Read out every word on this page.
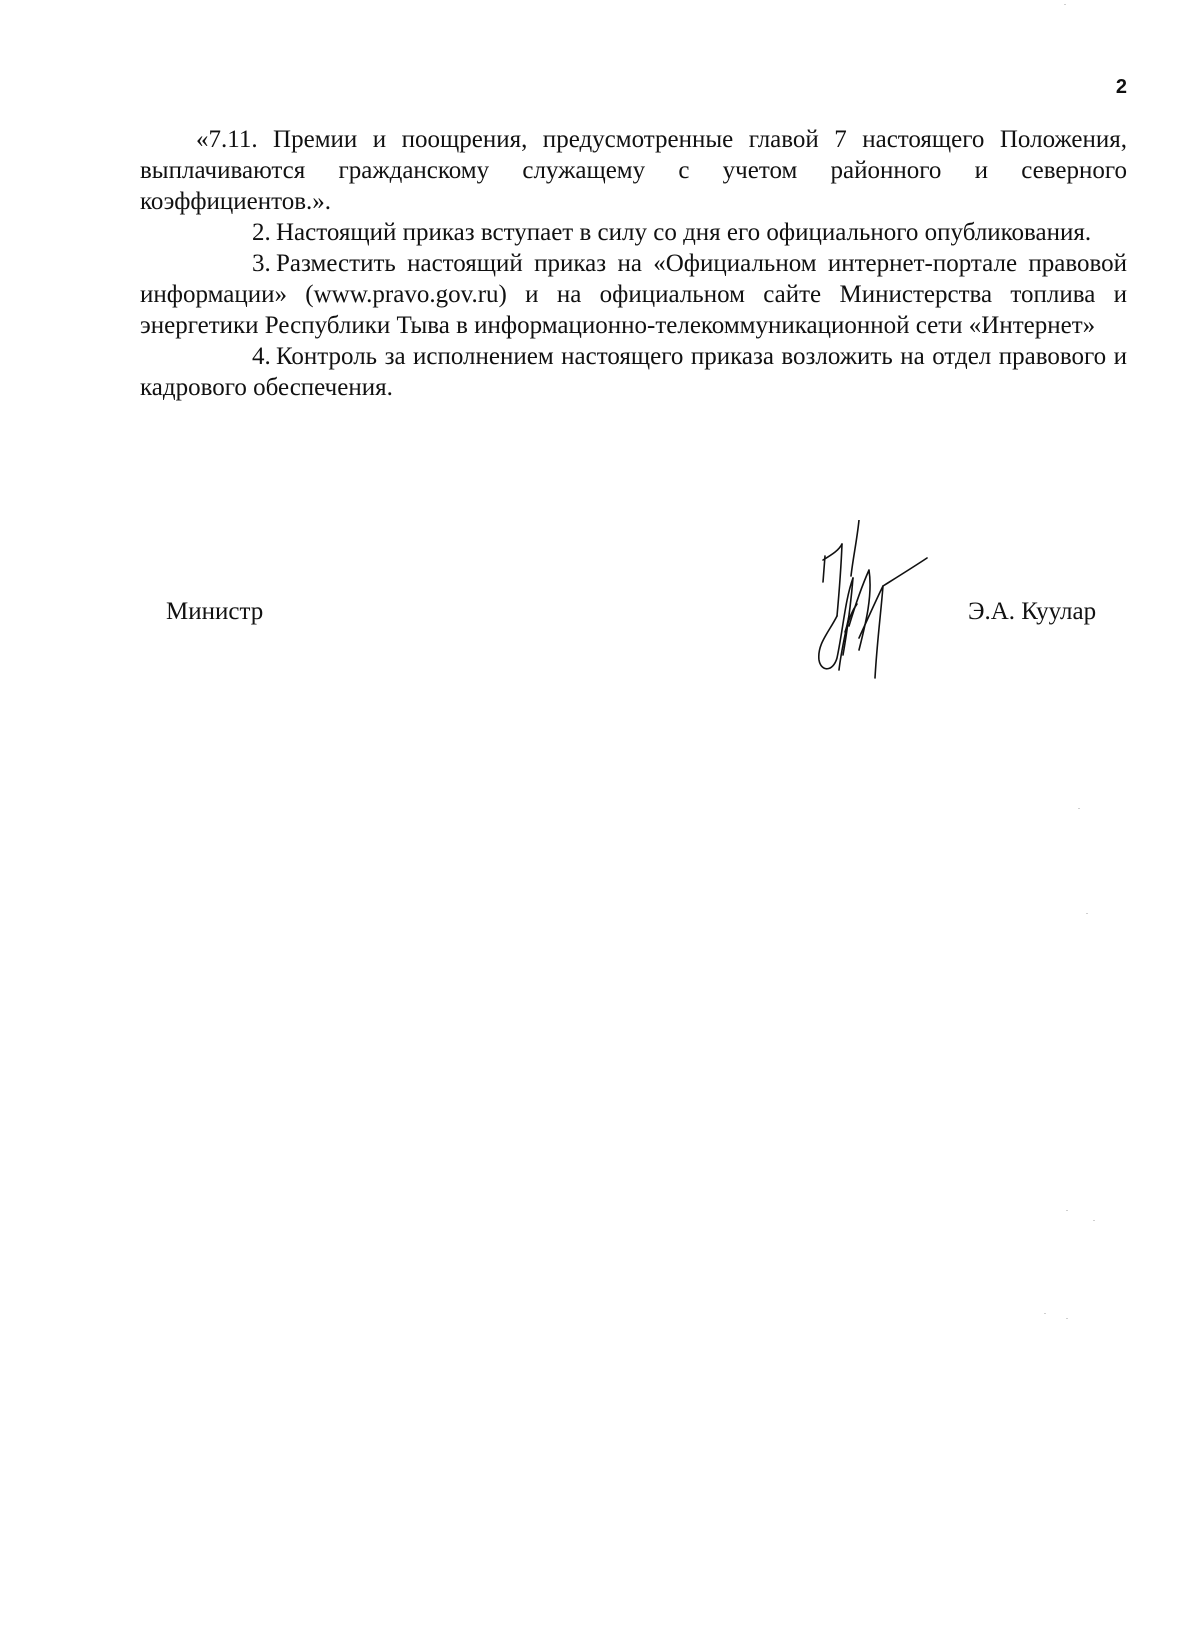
2

«7.11. Премии и поощрения, предусмотренные главой 7 настоящего Положения, выплачиваются гражданскому служащему с учетом районного и северного коэффициентов.».

2. Настоящий приказ вступает в силу со дня его официального опубликования.

3. Разместить настоящий приказ на «Официальном интернет-портале правовой информации» (www.pravo.gov.ru) и на официальном сайте Министерства топлива и энергетики Республики Тыва в информационно-телекоммуникационной сети «Интернет»

4. Контроль за исполнением настоящего приказа возложить на отдел правового и кадрового обеспечения.

Министр	Э.А. Куулар
